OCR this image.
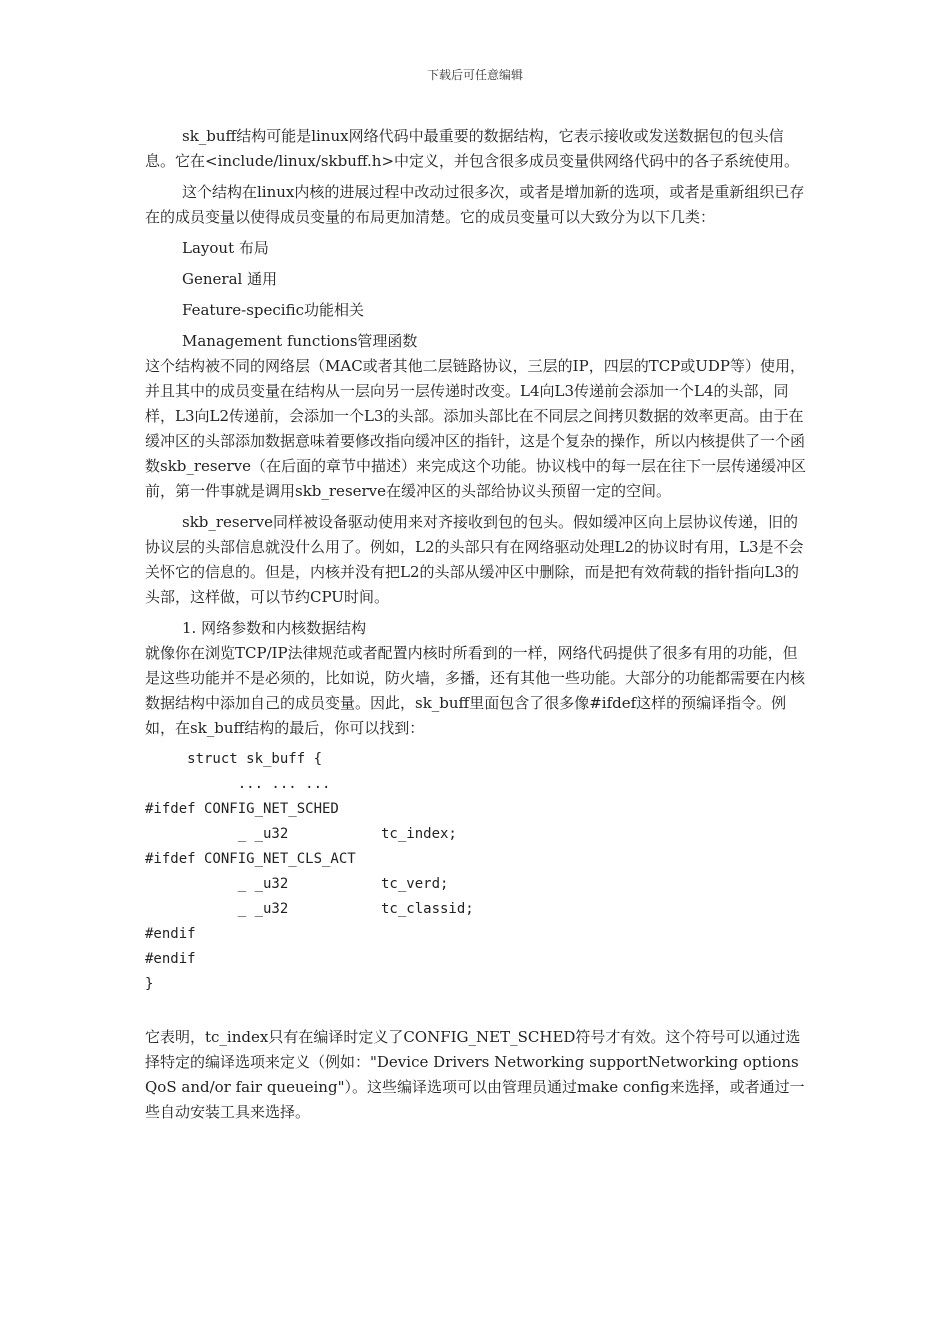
下载后可任意编辑

sk_buff结构可能是linux网络代码中最重要的数据结构，它表示接收或发送数据包的包头信息。它在<include/linux/skbuff.h>中定义，并包含很多成员变量供网络代码中的各子系统使用。

这个结构在linux内核的进展过程中改动过很多次，或者是增加新的选项，或者是重新组织已存在的成员变量以使得成员变量的布局更加清楚。它的成员变量可以大致分为以下几类：

Layout 布局
General 通用
Feature-specific功能相关
Management functions管理函数

这个结构被不同的网络层（MAC或者其他二层链路协议，三层的IP，四层的TCP或UDP等）使用，并且其中的成员变量在结构从一层向另一层传递时改变。L4向L3传递前会添加一个L4的头部，同样，L3向L2传递前，会添加一个L3的头部。添加头部比在不同层之间拷贝数据的效率更高。由于在缓冲区的头部添加数据意味着要修改指向缓冲区的指针，这是个复杂的操作，所以内核提供了一个函数skb_reserve（在后面的章节中描述）来完成这个功能。协议栈中的每一层在往下一层传递缓冲区前，第一件事就是调用skb_reserve在缓冲区的头部给协议头预留一定的空间。

skb_reserve同样被设备驱动使用来对齐接收到包的包头。假如缓冲区向上层协议传递，旧的协议层的头部信息就没什么用了。例如，L2的头部只有在网络驱动处理L2的协议时有用，L3是不会关怀它的信息的。但是，内核并没有把L2的头部从缓冲区中删除，而是把有效荷载的指针指向L3的头部，这样做，可以节约CPU时间。

1. 网络参数和内核数据结构

就像你在浏览TCP/IP法律规范或者配置内核时所看到的一样，网络代码提供了很多有用的功能，但是这些功能并不是必须的，比如说，防火墙，多播，还有其他一些功能。大部分的功能都需要在内核数据结构中添加自己的成员变量。因此，sk_buff里面包含了很多像#ifdef这样的预编译指令。例如，在sk_buff结构的最后，你可以找到：

struct sk_buff {
... ... ...
#ifdef CONFIG_NET_SCHED
_ _u32           tc_index;
#ifdef CONFIG_NET_CLS_ACT
_ _u32           tc_verd;
_ _u32           tc_classid;
#endif
#endif
}

它表明，tc_index只有在编译时定义了CONFIG_NET_SCHED符号才有效。这个符号可以通过选择特定的编译选项来定义（例如："Device Drivers Networking supportNetworking options QoS and/or fair queueing"）。这些编译选项可以由管理员通过make config来选择，或者通过一些自动安装工具来选择。
